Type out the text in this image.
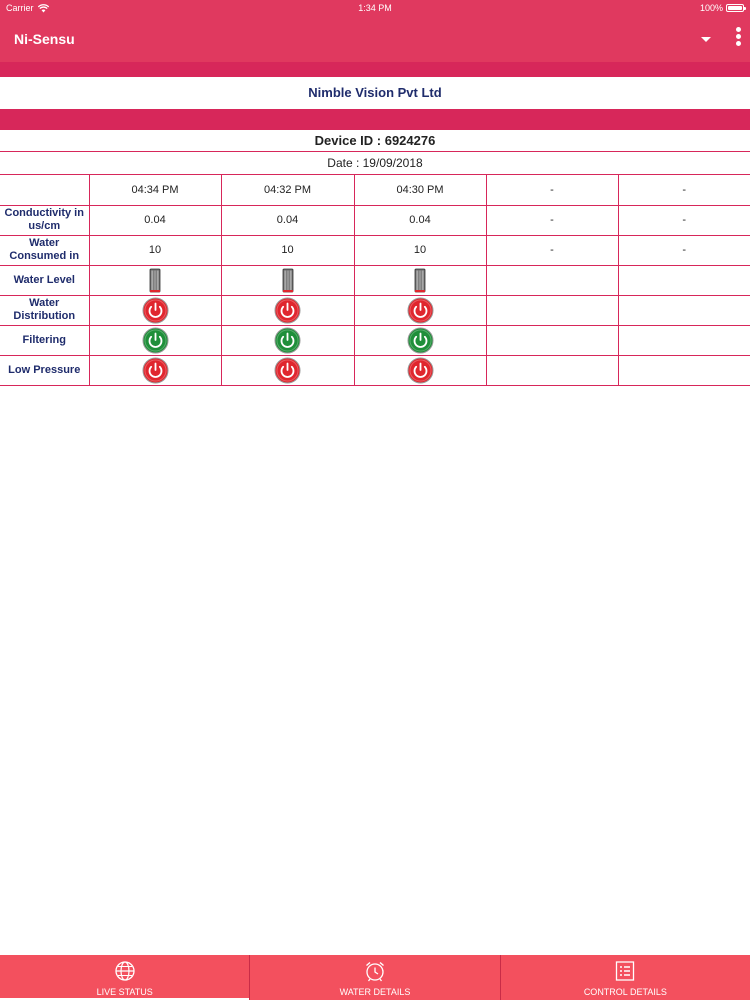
Carrier	1:34 PM	100%
Ni-Sensu
Nimble Vision Pvt Ltd
Device ID : 6924276
Date : 19/09/2018
	04:34 PM	04:32 PM	04:30 PM	-	-
Conductivity in us/cm	0.04	0.04	0.04	-	-
Water Consumed in	10	10	10	-	-
Water Level					
Water Distribution					
Filtering					
Low Pressure					
LIVE STATUS	WATER DETAILS	CONTROL DETAILS
